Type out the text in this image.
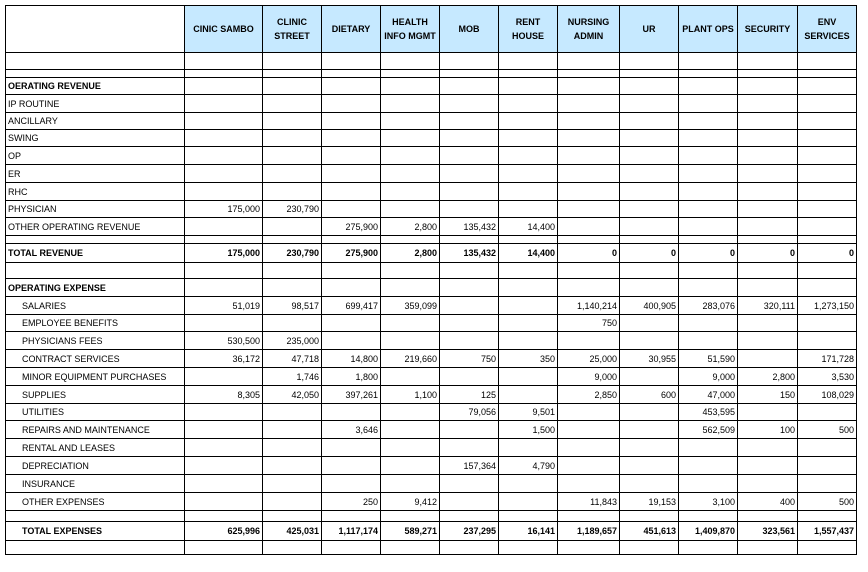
	CINIC SAMBO	CLINIC STREET	DIETARY	HEALTH INFO MGMT	MOB	RENT HOUSE	NURSING ADMIN	UR	PLANT OPS	SECURITY	ENV SERVICES

OERATING REVENUE											
IP ROUTINE											
ANCILLARY											
SWING											
OP											
ER											
RHC											
PHYSICIAN	175,000	230,790									
OTHER OPERATING REVENUE			275,900	2,800	135,432	14,400					

TOTAL REVENUE	175,000	230,790	275,900	2,800	135,432	14,400	0	0	0	0	0

OPERATING EXPENSE											
SALARIES	51,019	98,517	699,417	359,099			1,140,214	400,905	283,076	320,111	1,273,150
EMPLOYEE BENEFITS							750				
PHYSICIANS FEES	530,500	235,000									
CONTRACT SERVICES	36,172	47,718	14,800	219,660	750	350	25,000	30,955	51,590		171,728
MINOR EQUIPMENT PURCHASES		1,746	1,800				9,000		9,000	2,800	3,530
SUPPLIES	8,305	42,050	397,261	1,100	125		2,850	600	47,000	150	108,029
UTILITIES					79,056	9,501			453,595		
REPAIRS AND MAINTENANCE			3,646			1,500			562,509	100	500
RENTAL AND LEASES											
DEPRECIATION					157,364	4,790					
INSURANCE											
OTHER EXPENSES			250	9,412			11,843	19,153	3,100	400	500

TOTAL EXPENSES	625,996	425,031	1,117,174	589,271	237,295	16,141	1,189,657	451,613	1,409,870	323,561	1,557,437
